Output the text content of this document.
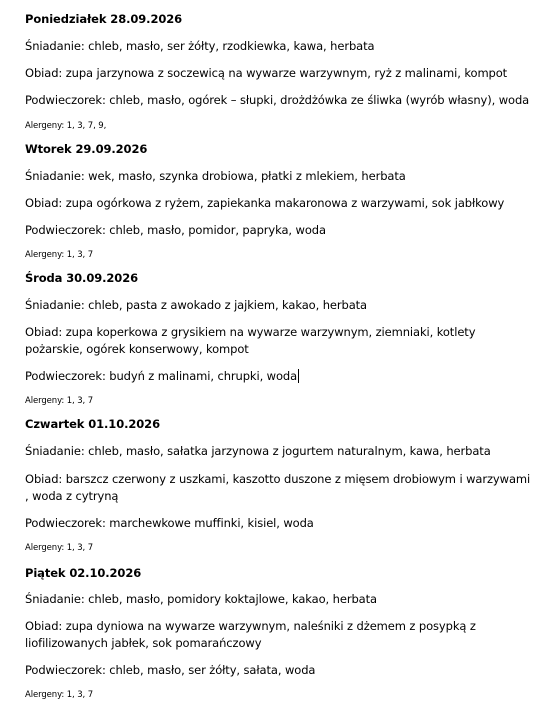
Poniedziałek 28.09.2026
Śniadanie: chleb, masło, ser żółty, rzodkiewka, kawa, herbata
Obiad: zupa jarzynowa z soczewicą na wywarze warzywnym, ryż z malinami, kompot
Podwieczorek: chleb, masło, ogórek – słupki, drożdżówka ze śliwka (wyrób własny), woda
Alergeny: 1, 3, 7, 9,
Wtorek 29.09.2026
Śniadanie: wek, masło, szynka drobiowa, płatki z mlekiem, herbata
Obiad: zupa ogórkowa z ryżem, zapiekanka makaronowa z warzywami, sok jabłkowy
Podwieczorek: chleb, masło, pomidor, papryka, woda
Alergeny: 1, 3, 7
Środa 30.09.2026
Śniadanie: chleb, pasta z awokado z jajkiem, kakao, herbata
Obiad: zupa koperkowa z grysikiem na wywarze warzywnym, ziemniaki, kotlety pożarskie, ogórek konserwowy, kompot
Podwieczorek: budyń z malinami, chrupki, woda
Alergeny: 1, 3, 7
Czwartek 01.10.2026
Śniadanie: chleb, masło, sałatka jarzynowa z jogurtem naturalnym, kawa, herbata
Obiad: barszcz czerwony z uszkami, kaszotto duszone z mięsem drobiowym i warzywami , woda z cytryną
Podwieczorek: marchewkowe muffinki, kisiel, woda
Alergeny: 1, 3, 7
Piątek 02.10.2026
Śniadanie: chleb, masło, pomidory koktajlowe, kakao, herbata
Obiad: zupa dyniowa na wywarze warzywnym, naleśniki z dżemem z posypką z liofilizowanych jabłek, sok pomarańczowy
Podwieczorek: chleb, masło, ser żółty, sałata, woda
Alergeny: 1, 3, 7
